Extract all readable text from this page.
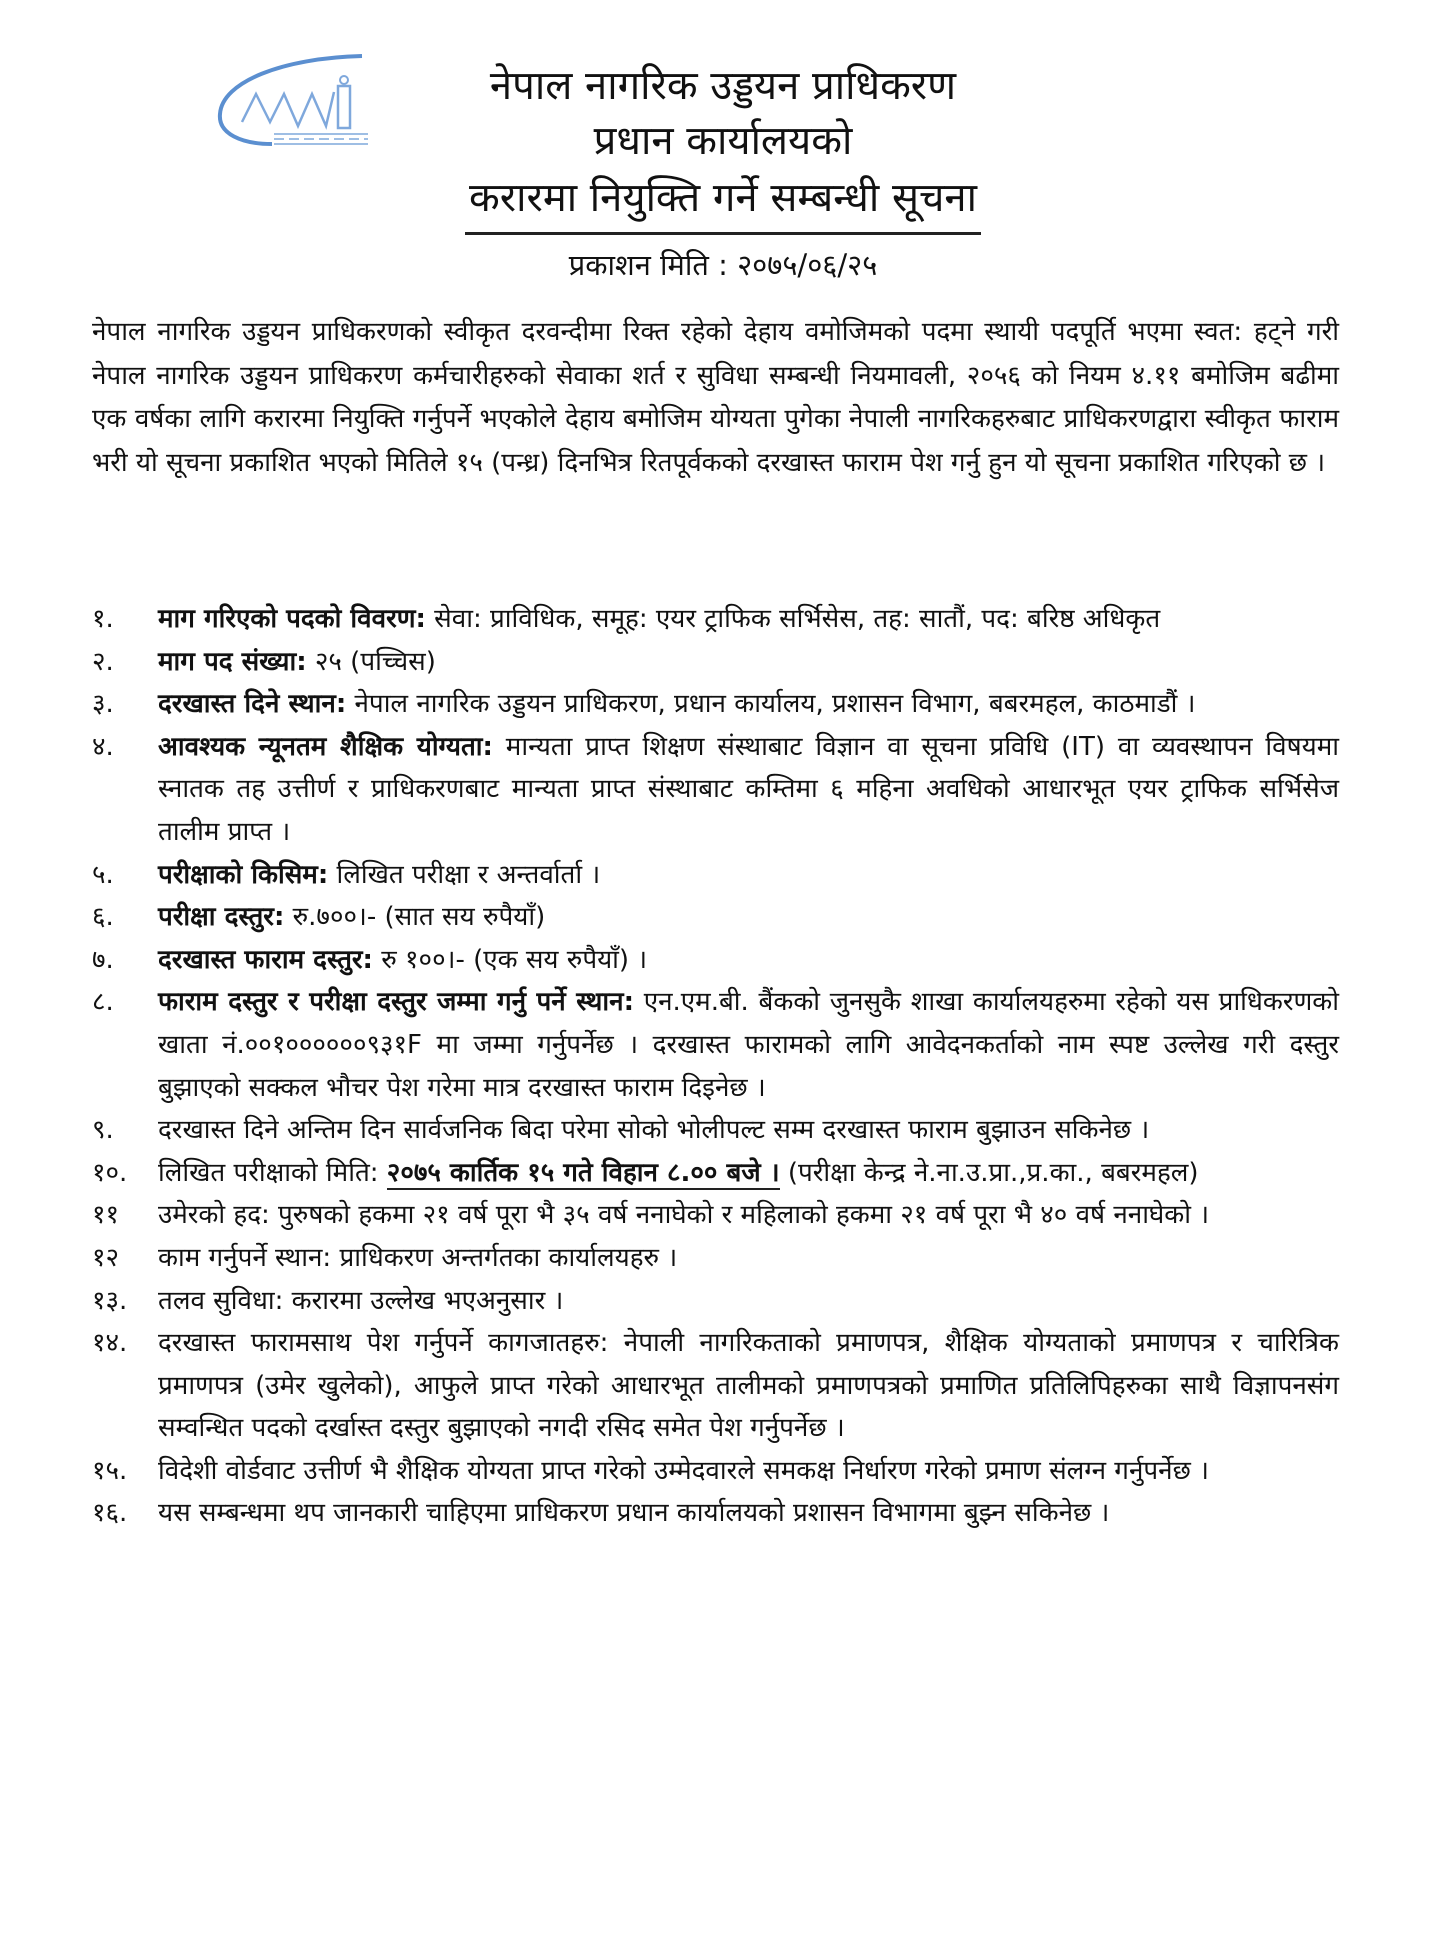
नेपाल नागरिक उड्डयन प्राधिकरण
प्रधान कार्यालयको
करारमा नियुक्ति गर्ने सम्बन्धी सूचना
प्रकाशन मिति : २०७५/०६/२५
नेपाल नागरिक उड्डयन प्राधिकरणको स्वीकृत दरवन्दीमा रिक्त रहेको देहाय वमोजिमको पदमा स्थायी पदपूर्ति भएमा स्वत: हट्ने गरी नेपाल नागरिक उड्डयन प्राधिकरण कर्मचारीहरुको सेवाका शर्त र सुविधा सम्बन्धी नियमावली, २०५६ को नियम ४.११ बमोजिम बढीमा एक वर्षका लागि करारमा नियुक्ति गर्नुपर्ने भएकोले देहाय बमोजिम योग्यता पुगेका नेपाली नागरिकहरुबाट प्राधिकरणद्वारा स्वीकृत फाराम भरी यो सूचना प्रकाशित भएको मितिले १५ (पन्ध्र) दिनभित्र रितपूर्वकको दरखास्त फाराम पेश गर्नु हुन यो सूचना प्रकाशित गरिएको छ ।
१.	माग गरिएको पदको विवरण: सेवा: प्राविधिक, समूह: एयर ट्राफिक सर्भिसेस, तह: सातौं, पद: बरिष्ठ अधिकृत
२.	माग पद संख्या: २५ (पच्चिस)
३.	दरखास्त दिने स्थान: नेपाल नागरिक उड्डयन प्राधिकरण, प्रधान कार्यालय, प्रशासन विभाग, बबरमहल, काठमाडौं ।
४.	आवश्यक न्यूनतम शैक्षिक योग्यता: मान्यता प्राप्त शिक्षण संस्थाबाट विज्ञान वा सूचना प्रविधि (IT) वा व्यवस्थापन विषयमा स्नातक तह उत्तीर्ण र प्राधिकरणबाट मान्यता प्राप्त संस्थाबाट कम्तिमा ६ महिना अवधिको आधारभूत एयर ट्राफिक सर्भिसेज तालीम प्राप्त ।
५.	परीक्षाको किसिम: लिखित परीक्षा र अन्तर्वार्ता ।
६.	परीक्षा दस्तुर: रु.७००।- (सात सय रुपैयाँ)
७.	दरखास्त फाराम दस्तुर: रु १००।- (एक सय रुपैयाँ) ।
८.	फाराम दस्तुर र परीक्षा दस्तुर जम्मा गर्नु पर्ने स्थान: एन.एम.बी. बैंकको जुनसुकै शाखा कार्यालयहरुमा रहेको यस प्राधिकरणको खाता नं.००१००००००९३१F मा जम्मा गर्नुपर्नेछ । दरखास्त फारामको लागि आवेदनकर्ताको नाम स्पष्ट उल्लेख गरी दस्तुर बुझाएको सक्कल भौचर पेश गरेमा मात्र दरखास्त फाराम दिइनेछ ।
९.	दरखास्त दिने अन्तिम दिन सार्वजनिक बिदा परेमा सोको भोलीपल्ट सम्म दरखास्त फाराम बुझाउन सकिनेछ ।
१०.	लिखित परीक्षाको मिति: २०७५ कार्तिक १५ गते विहान ८.०० बजे । (परीक्षा केन्द्र ने.ना.उ.प्रा.,प्र.का., बबरमहल)
११	उमेरको हद: पुरुषको हकमा २१ वर्ष पूरा भै ३५ वर्ष ननाघेको र महिलाको हकमा २१ वर्ष पूरा भै ४० वर्ष ननाघेको ।
१२	काम गर्नुपर्ने स्थान: प्राधिकरण अन्तर्गतका कार्यालयहरु ।
१३.	तलव सुविधा: करारमा उल्लेख भएअनुसार ।
१४.	दरखास्त फारामसाथ पेश गर्नुपर्ने कागजातहरु: नेपाली नागरिकताको प्रमाणपत्र, शैक्षिक योग्यताको प्रमाणपत्र र चारित्रिक प्रमाणपत्र (उमेर खुलेको), आफुले प्राप्त गरेको आधारभूत तालीमको प्रमाणपत्रको प्रमाणित प्रतिलिपिहरुका साथै विज्ञापनसंग सम्वन्धित पदको दर्खास्त दस्तुर बुझाएको नगदी रसिद समेत पेश गर्नुपर्नेछ ।
१५.	विदेशी वोर्डवाट उत्तीर्ण भै शैक्षिक योग्यता प्राप्त गरेको उम्मेदवारले समकक्ष निर्धारण गरेको प्रमाण संलग्न गर्नुपर्नेछ ।
१६.	यस सम्बन्धमा थप जानकारी चाहिएमा प्राधिकरण प्रधान कार्यालयको प्रशासन विभागमा बुझ्न सकिनेछ ।
